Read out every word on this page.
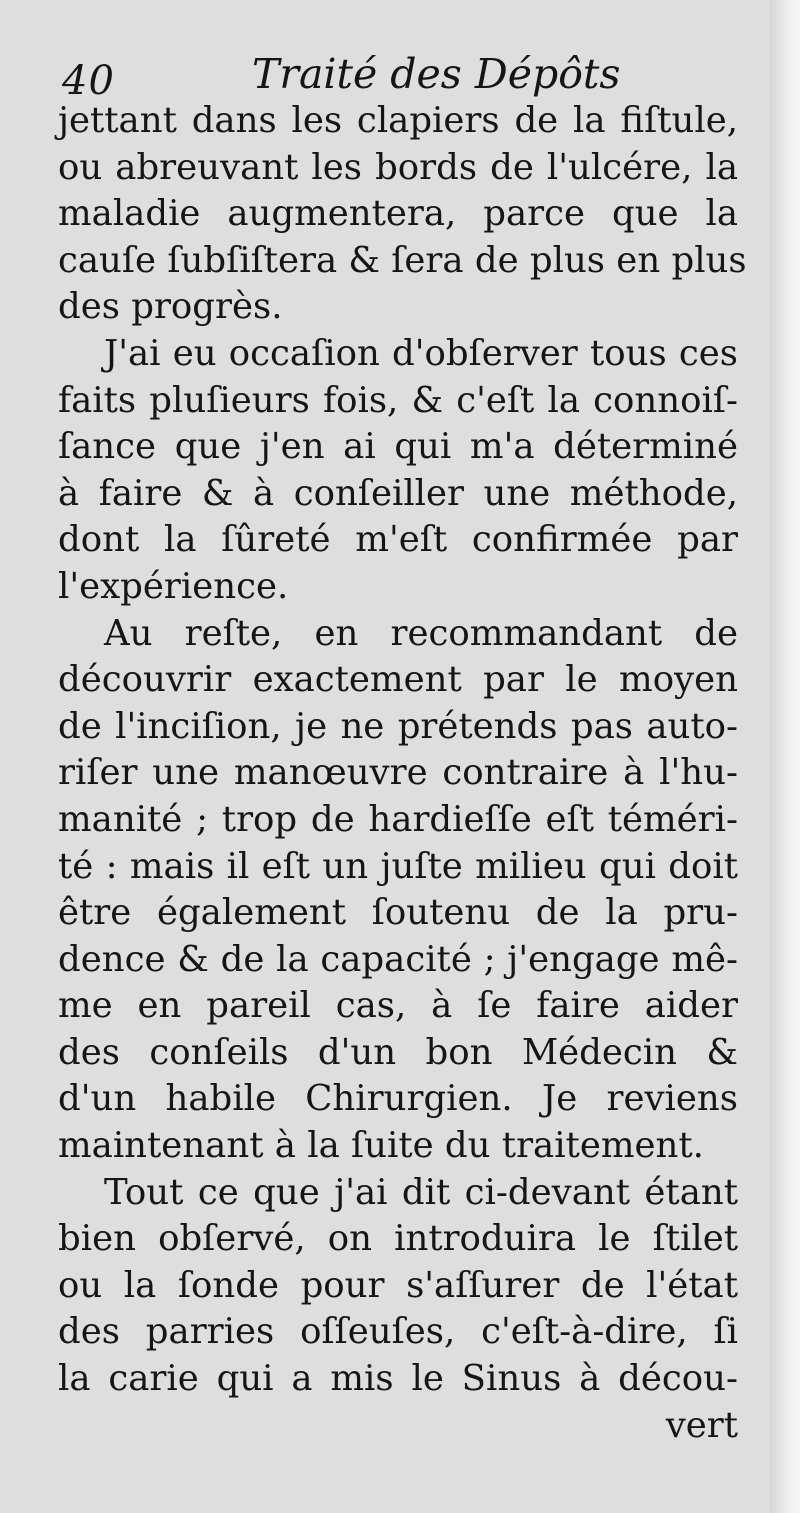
40	Traité des Dépôts
jettant dans les clapiers de la fiſtule,
ou abreuvant les bords de l'ulcére, la
maladie augmentera, parce que la
cauſe ſubſiſtera & ſera de plus en plus
des progrès.
J'ai eu occaſion d'obſerver tous ces
faits pluſieurs fois, & c'eſt la connoiſ-
ſance que j'en ai qui m'a déterminé
à faire & à conſeiller une méthode,
dont la ſûreté m'eſt confirmée par
l'expérience.
Au reſte, en recommandant de
découvrir exactement par le moyen
de l'inciſion, je ne prétends pas auto-
riſer une manœuvre contraire à l'hu-
manité ; trop de hardieſſe eſt téméri-
té : mais il eſt un juſte milieu qui doit
être également ſoutenu de la pru-
dence & de la capacité ; j'engage mê-
me en pareil cas, à ſe faire aider
des conſeils d'un bon Médecin &
d'un habile Chirurgien. Je reviens
maintenant à la ſuite du traitement.
Tout ce que j'ai dit ci-devant étant
bien obſervé, on introduira le ſtilet
ou la ſonde pour s'aſſurer de l'état
des parries oſſeuſes, c'eſt-à-dire, ſi
la carie qui a mis le Sinus à décou-
vert
